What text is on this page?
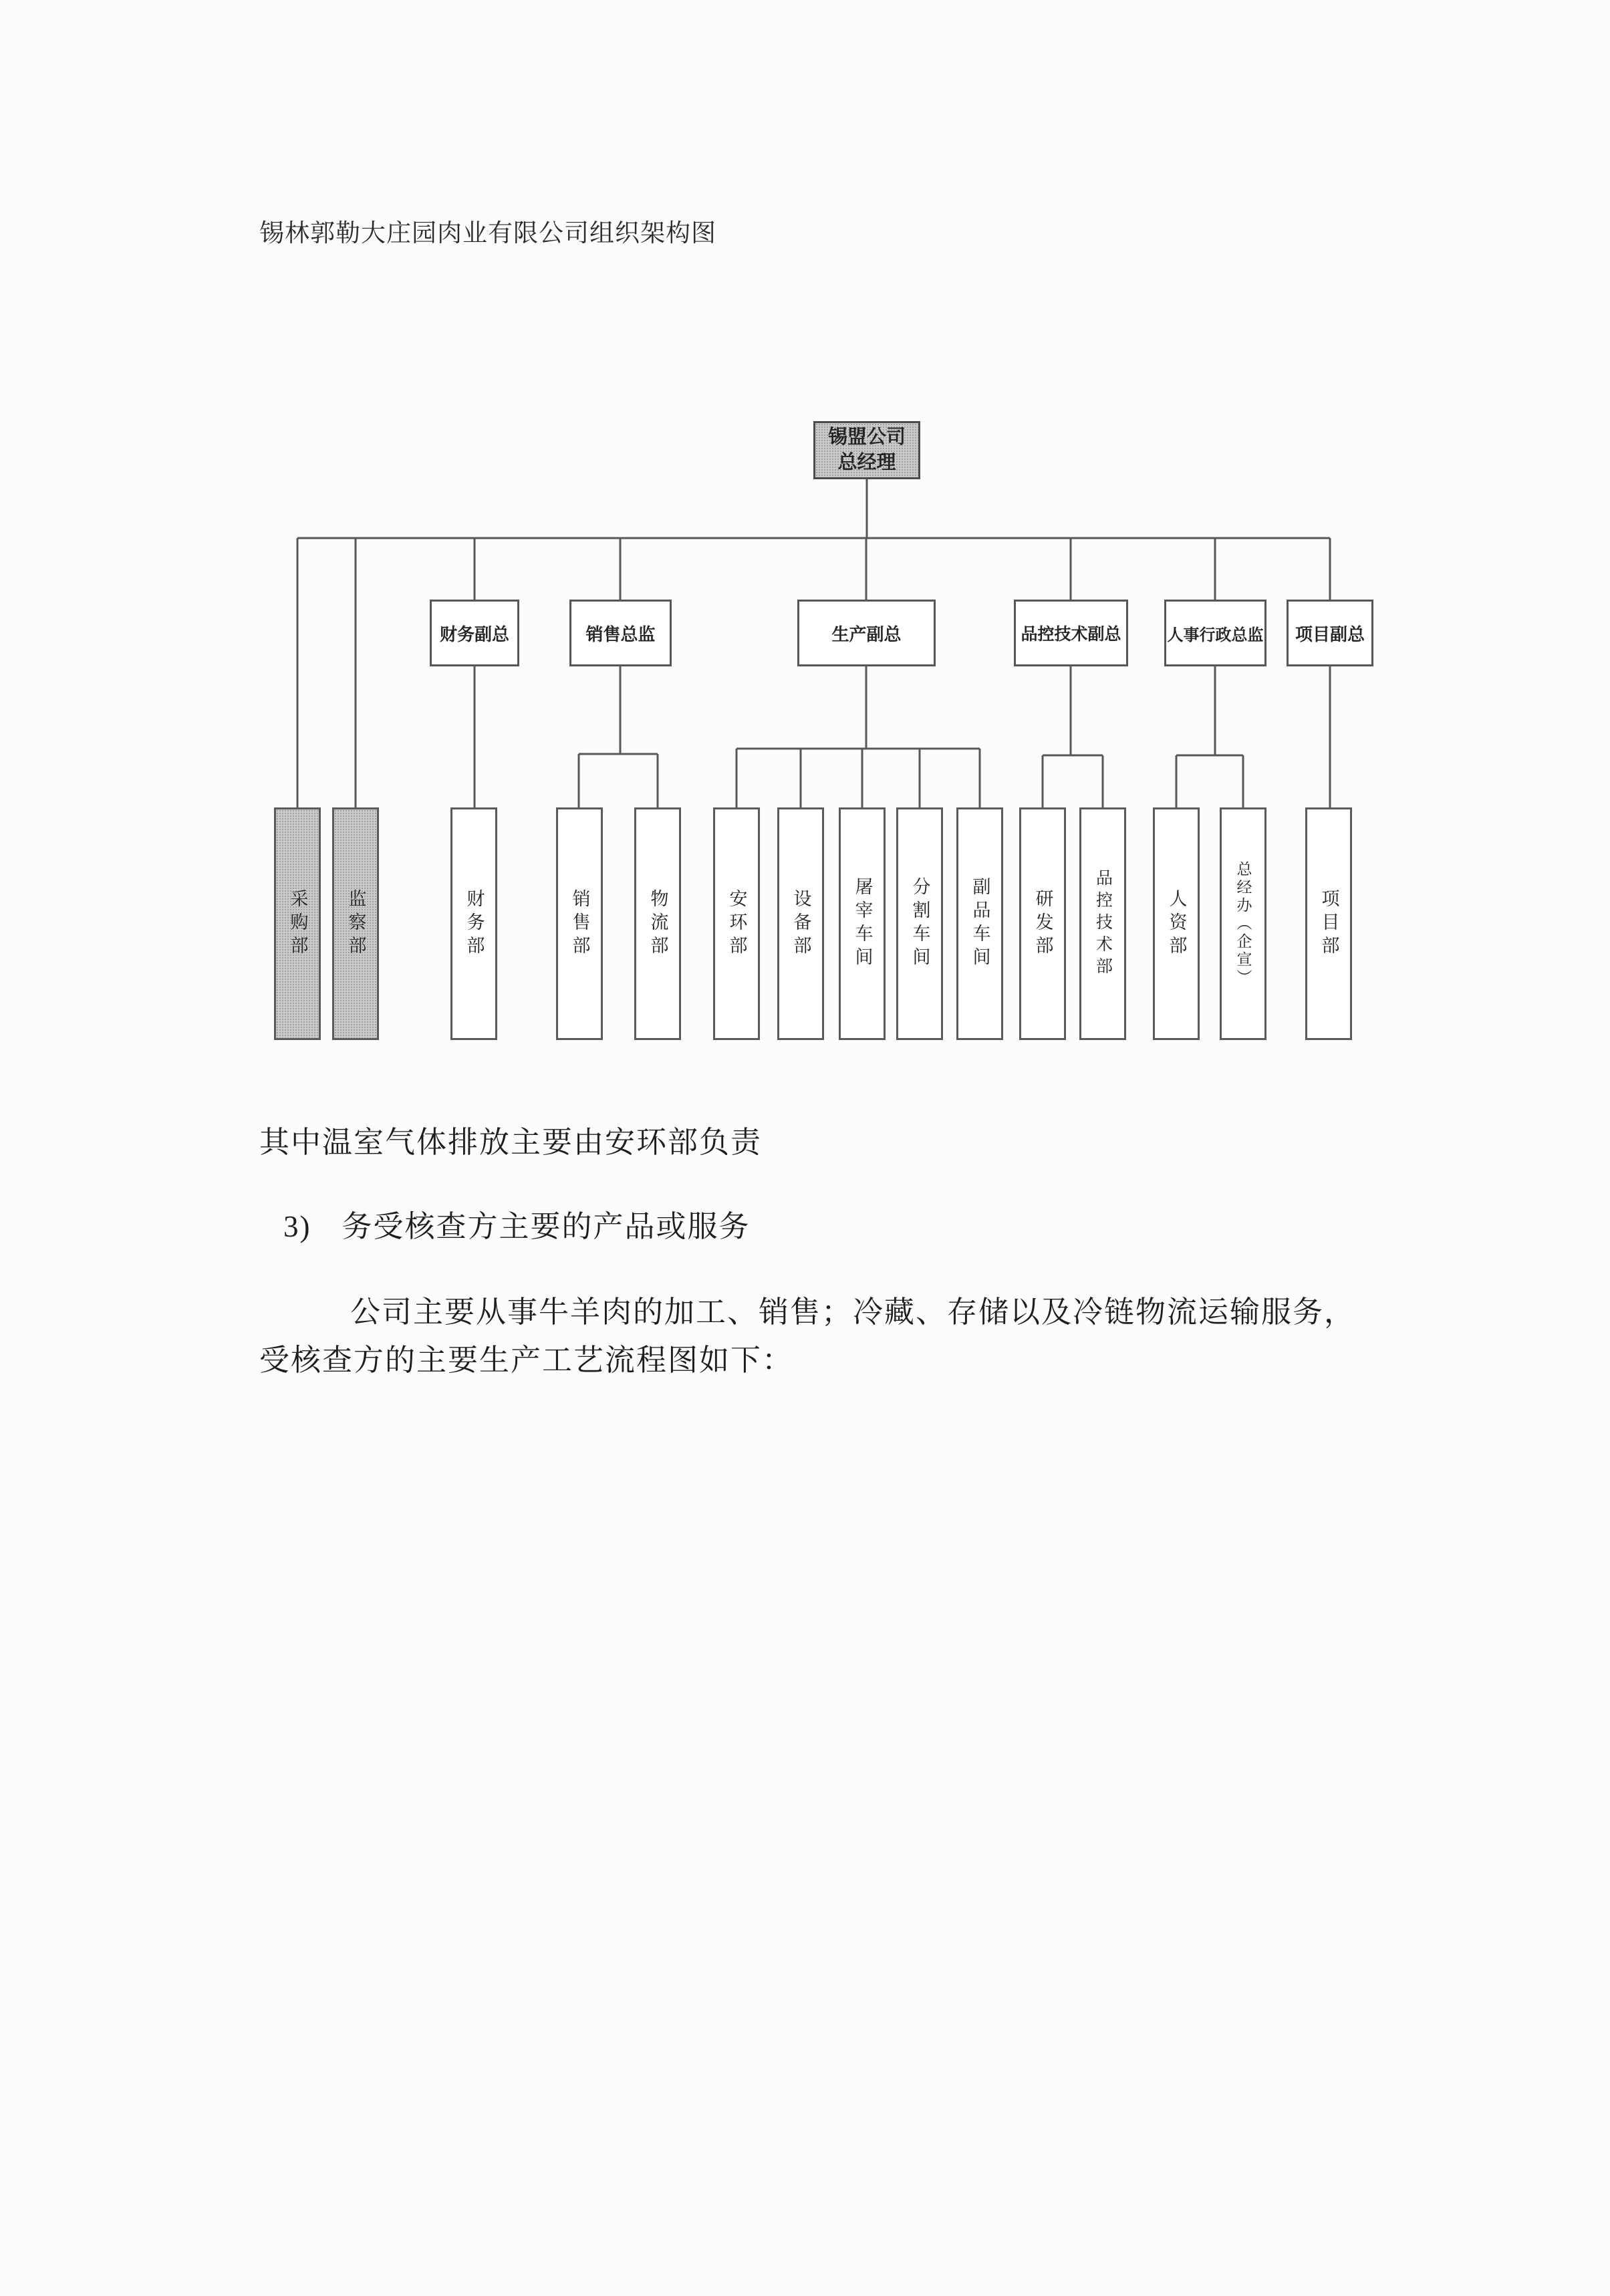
锡林郭勒大庄园肉业有限公司组织架构图
锡盟公司
总经理
财务副总	销售总监	生产副总	品控技术副总	人事行政总监	项目副总
采购部 监察部	财务部	销售部	物流部	安环部 设备部 屠宰车间 分割车间 副品车间 研发部 品控技术部	人资部	总经办（企宣）	项目部
其中温室气体排放主要由安环部负责
3) 务受核查方主要的产品或服务
公司主要从事牛羊肉的加工、销售；冷藏、存储以及冷链物流运输服务，
受核查方的主要生产工艺流程图如下：
